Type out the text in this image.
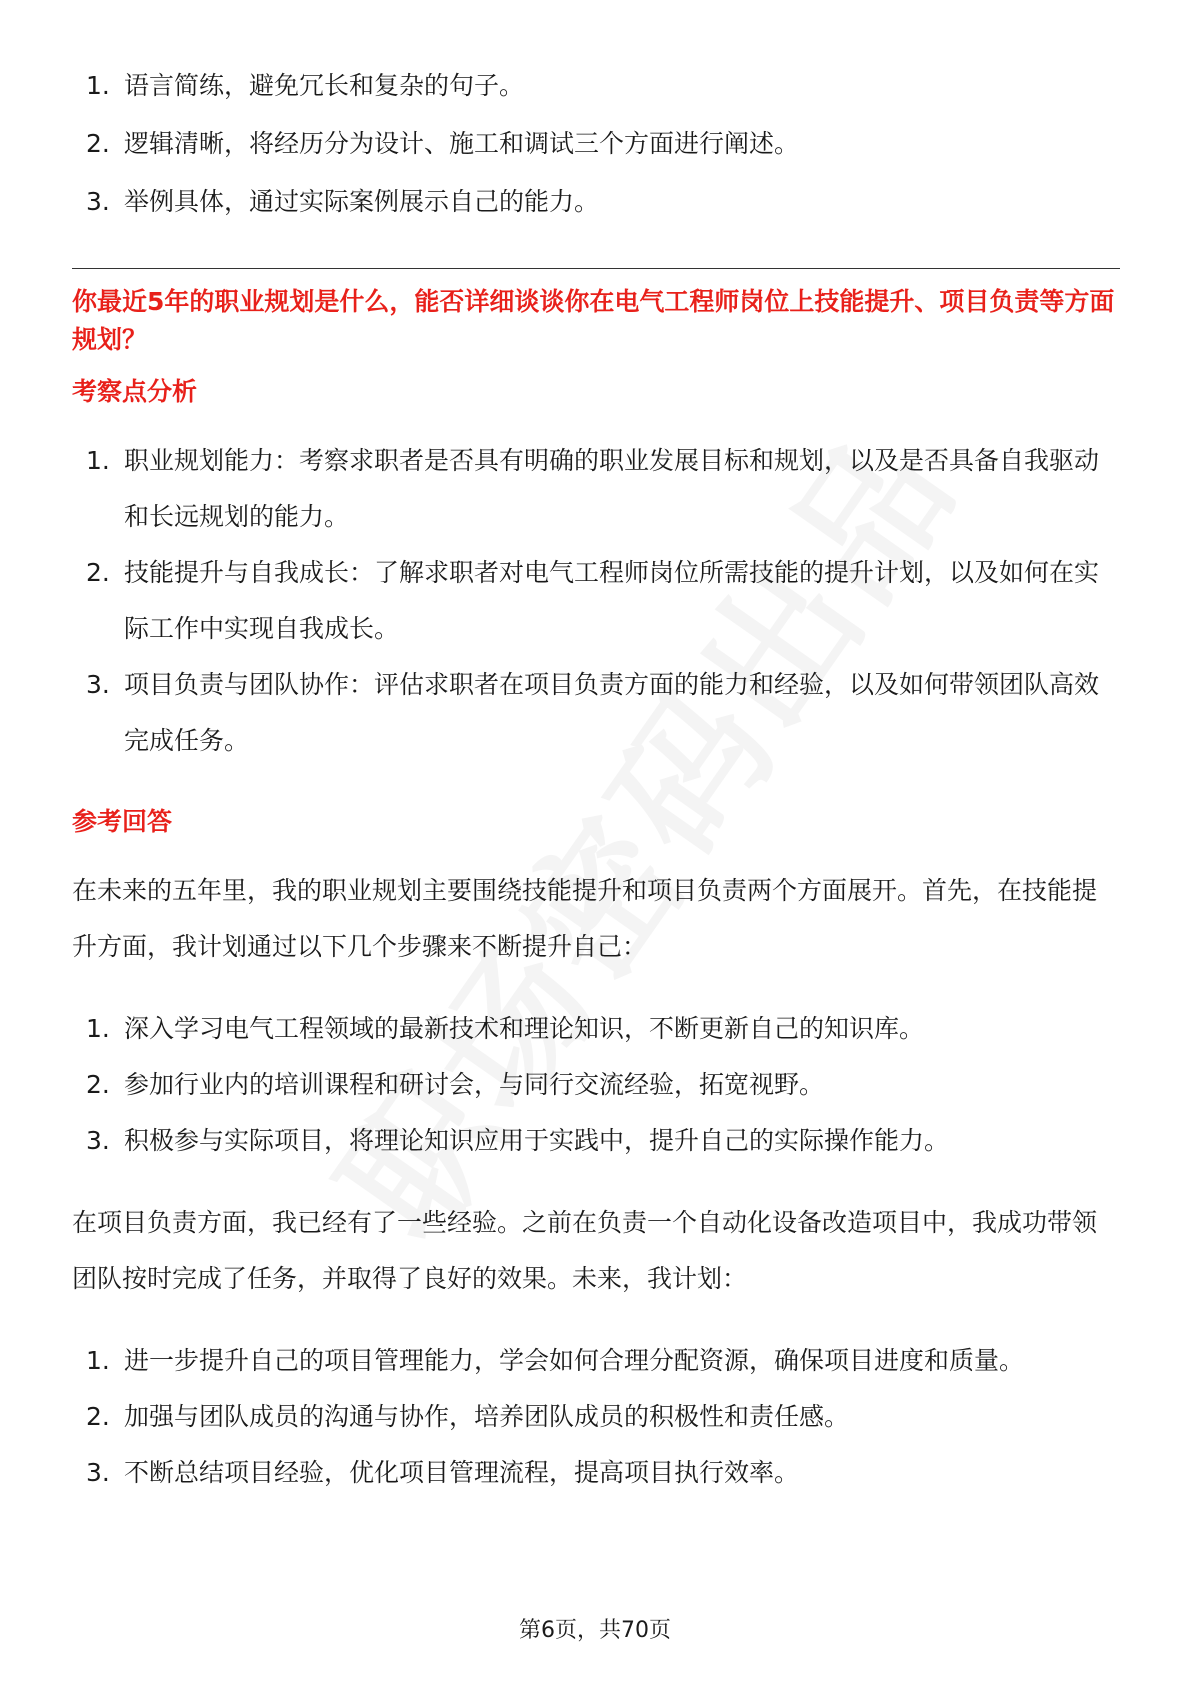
1. 语言简练，避免冗长和复杂的句子。
2. 逻辑清晰，将经历分为设计、施工和调试三个方面进行阐述。
3. 举例具体，通过实际案例展示自己的能力。

你最近5年的职业规划是什么，能否详细谈谈你在电气工程师岗位上技能提升、项目负责等方面规划？

考察点分析
1. 职业规划能力：考察求职者是否具有明确的职业发展目标和规划，以及是否具备自我驱动和长远规划的能力。
2. 技能提升与自我成长：了解求职者对电气工程师岗位所需技能的提升计划，以及如何在实际工作中实现自我成长。
3. 项目负责与团队协作：评估求职者在项目负责方面的能力和经验，以及如何带领团队高效完成任务。
参考回答

在未来的五年里，我的职业规划主要围绕技能提升和项目负责两个方面展开。首先，在技能提升方面，我计划通过以下几个步骤来不断提升自己：

1. 深入学习电气工程领域的最新技术和理论知识，不断更新自己的知识库。
2. 参加行业内的培训课程和研讨会，与同行交流经验，拓宽视野。
3. 积极参与实际项目，将理论知识应用于实践中，提升自己的实际操作能力。

在项目负责方面，我已经有了一些经验。之前在负责一个自动化设备改造项目中，我成功带领团队按时完成了任务，并取得了良好的效果。未来，我计划：

1. 进一步提升自己的项目管理能力，学会如何合理分配资源，确保项目进度和质量。
2. 加强与团队成员的沟通与协作，培养团队成员的积极性和责任感。
3. 不断总结项目经验，优化项目管理流程，提高项目执行效率。
第6页，共70页
